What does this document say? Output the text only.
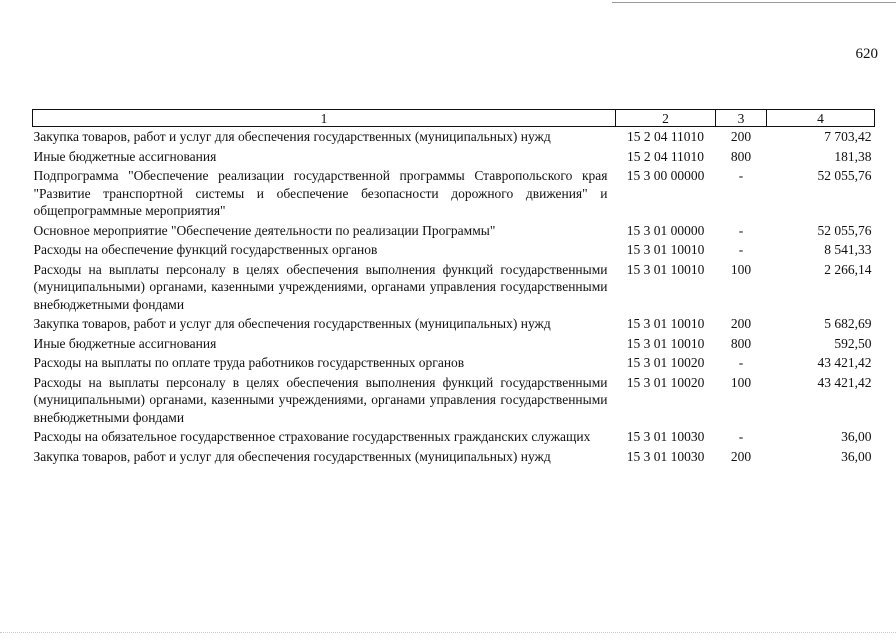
620
1	2	3	4
Закупка товаров, работ и услуг для обеспечения государственных (муниципальных) нужд	15 2 04 11010	200	7 703,42
Иные бюджетные ассигнования	15 2 04 11010	800	181,38
Подпрограмма "Обеспечение реализации государственной программы Ставропольского края "Развитие транспортной системы и обеспечение безопасности дорожного движения" и общепрограммные мероприятия"	15 3 00 00000	-	52 055,76
Основное мероприятие "Обеспечение деятельности по реализации Программы"	15 3 01 00000	-	52 055,76
Расходы на обеспечение функций государственных органов	15 3 01 10010	-	8 541,33
Расходы на выплаты персоналу в целях обеспечения выполнения функций государственными (муниципальными) органами, казенными учреждениями, органами управления государственными внебюджетными фондами	15 3 01 10010	100	2 266,14
Закупка товаров, работ и услуг для обеспечения государственных (муниципальных) нужд	15 3 01 10010	200	5 682,69
Иные бюджетные ассигнования	15 3 01 10010	800	592,50
Расходы на выплаты по оплате труда работников государственных органов	15 3 01 10020	-	43 421,42
Расходы на выплаты персоналу в целях обеспечения выполнения функций государственными (муниципальными) органами, казенными учреждениями, органами управления государственными внебюджетными фондами	15 3 01 10020	100	43 421,42
Расходы на обязательное государственное страхование государственных гражданских служащих	15 3 01 10030	-	36,00
Закупка товаров, работ и услуг для обеспечения государственных (муниципальных) нужд	15 3 01 10030	200	36,00
